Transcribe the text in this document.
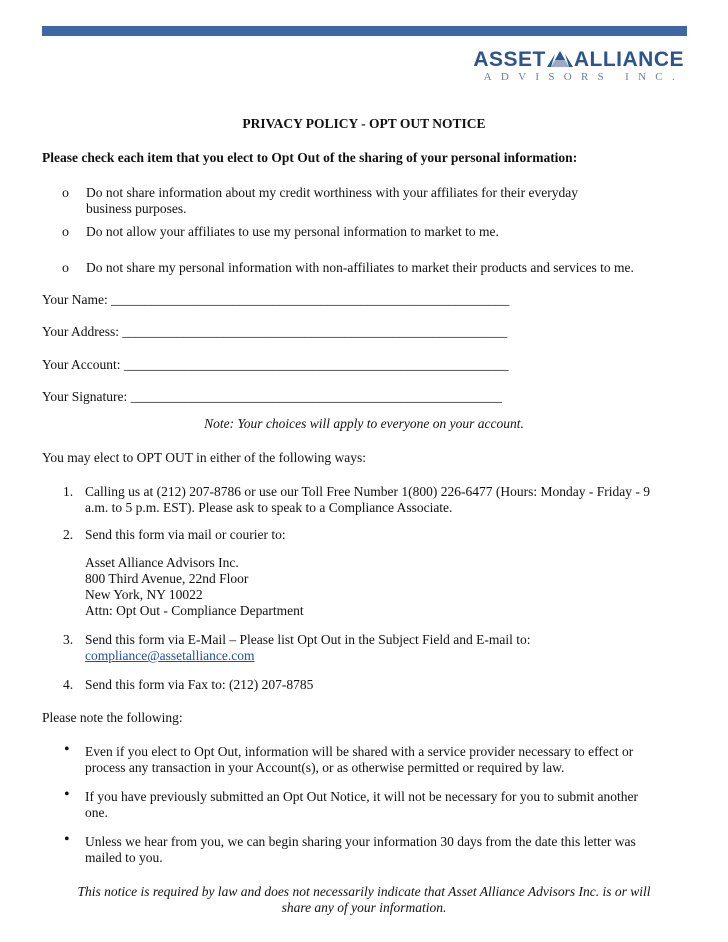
ASSET ALLIANCE
ADVISORS INC.
PRIVACY POLICY - OPT OUT NOTICE
Please check each item that you elect to Opt Out of the sharing of your personal information:
o Do not share information about my credit worthiness with your affiliates for their everyday
business purposes.
o Do not allow your affiliates to use my personal information to market to me.
o Do not share my personal information with non-affiliates to market their products and services to me.
Your Name: ___________________________________________________________
Your Address: _________________________________________________________
Your Account: _________________________________________________________
Your Signature: _______________________________________________________
Note: Your choices will apply to everyone on your account.
You may elect to OPT OUT in either of the following ways:
1. Calling us at (212) 207-8786 or use our Toll Free Number 1(800) 226-6477 (Hours: Monday - Friday - 9
a.m. to 5 p.m. EST). Please ask to speak to a Compliance Associate.
2. Send this form via mail or courier to:
Asset Alliance Advisors Inc.
800 Third Avenue, 22nd Floor
New York, NY 10022
Attn: Opt Out - Compliance Department
3. Send this form via E-Mail – Please list Opt Out in the Subject Field and E-mail to:
compliance@assetalliance.com
4. Send this form via Fax to: (212) 207-8785
Please note the following:
• Even if you elect to Opt Out, information will be shared with a service provider necessary to effect or
process any transaction in your Account(s), or as otherwise permitted or required by law.
• If you have previously submitted an Opt Out Notice, it will not be necessary for you to submit another
one.
• Unless we hear from you, we can begin sharing your information 30 days from the date this letter was
mailed to you.
This notice is required by law and does not necessarily indicate that Asset Alliance Advisors Inc. is or will
share any of your information.
